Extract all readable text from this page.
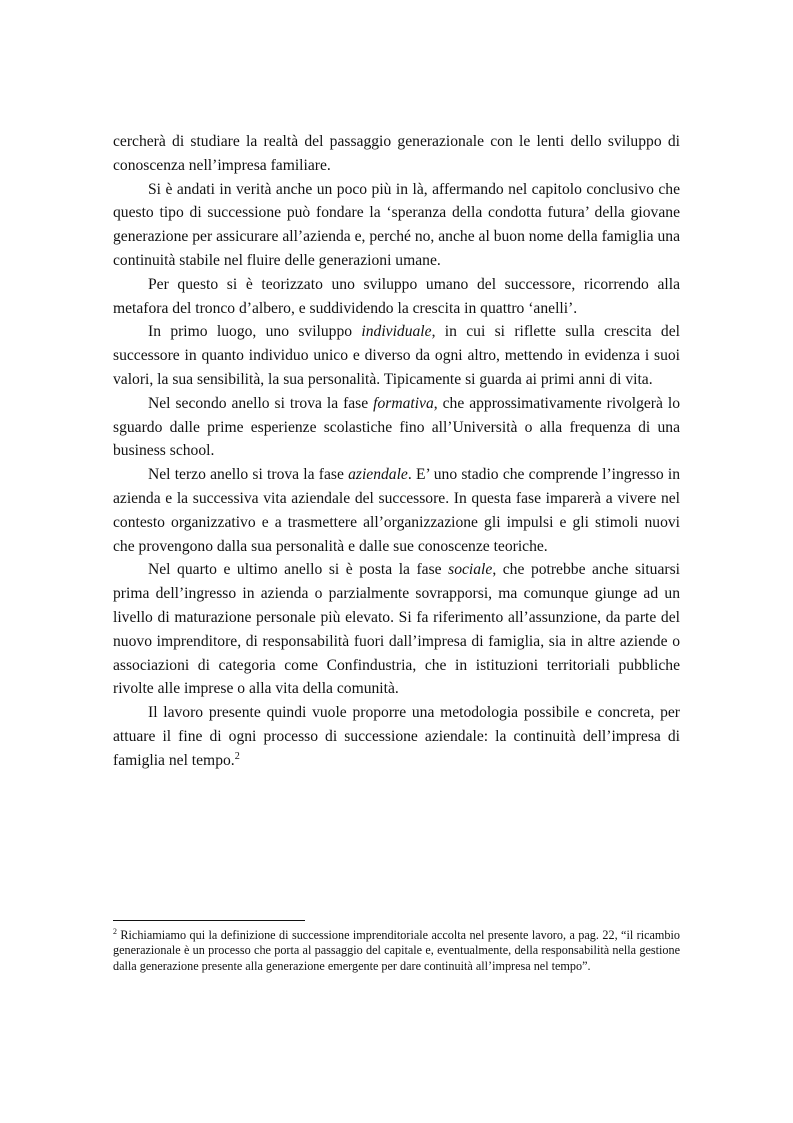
cercherà di studiare la realtà del passaggio generazionale con le lenti dello sviluppo di conoscenza nell’impresa familiare.

Si è andati in verità anche un poco più in là, affermando nel capitolo conclusivo che questo tipo di successione può fondare la ‘speranza della condotta futura’ della giovane generazione per assicurare all’azienda e, perché no, anche al buon nome della famiglia una continuità stabile nel fluire delle generazioni umane.

Per questo si è teorizzato uno sviluppo umano del successore, ricorrendo alla metafora del tronco d’albero, e suddividendo la crescita in quattro ‘anelli’.

In primo luogo, uno sviluppo individuale, in cui si riflette sulla crescita del successore in quanto individuo unico e diverso da ogni altro, mettendo in evidenza i suoi valori, la sua sensibilità, la sua personalità. Tipicamente si guarda ai primi anni di vita.

Nel secondo anello si trova la fase formativa, che approssimativamente rivolgerà lo sguardo dalle prime esperienze scolastiche fino all’Università o alla frequenza di una business school.

Nel terzo anello si trova la fase aziendale. E’ uno stadio che comprende l’ingresso in azienda e la successiva vita aziendale del successore. In questa fase imparerà a vivere nel contesto organizzativo e a trasmettere all’organizzazione gli impulsi e gli stimoli nuovi che provengono dalla sua personalità e dalle sue conoscenze teoriche.

Nel quarto e ultimo anello si è posta la fase sociale, che potrebbe anche situarsi prima dell’ingresso in azienda o parzialmente sovrapporsi, ma comunque giunge ad un livello di maturazione personale più elevato. Si fa riferimento all’assunzione, da parte del nuovo imprenditore, di responsabilità fuori dall’impresa di famiglia, sia in altre aziende o associazioni di categoria come Confindustria, che in istituzioni territoriali pubbliche rivolte alle imprese o alla vita della comunità.

Il lavoro presente quindi vuole proporre una metodologia possibile e concreta, per attuare il fine di ogni processo di successione aziendale: la continuità dell’impresa di famiglia nel tempo.$^2$

$^2$ Richiamiamo qui la definizione di successione imprenditoriale accolta nel presente lavoro, a pag. 22, “il ricambio generazionale è un processo che porta al passaggio del capitale e, eventualmente, della responsabilità nella gestione dalla generazione presente alla generazione emergente per dare continuità all’impresa nel tempo”.
